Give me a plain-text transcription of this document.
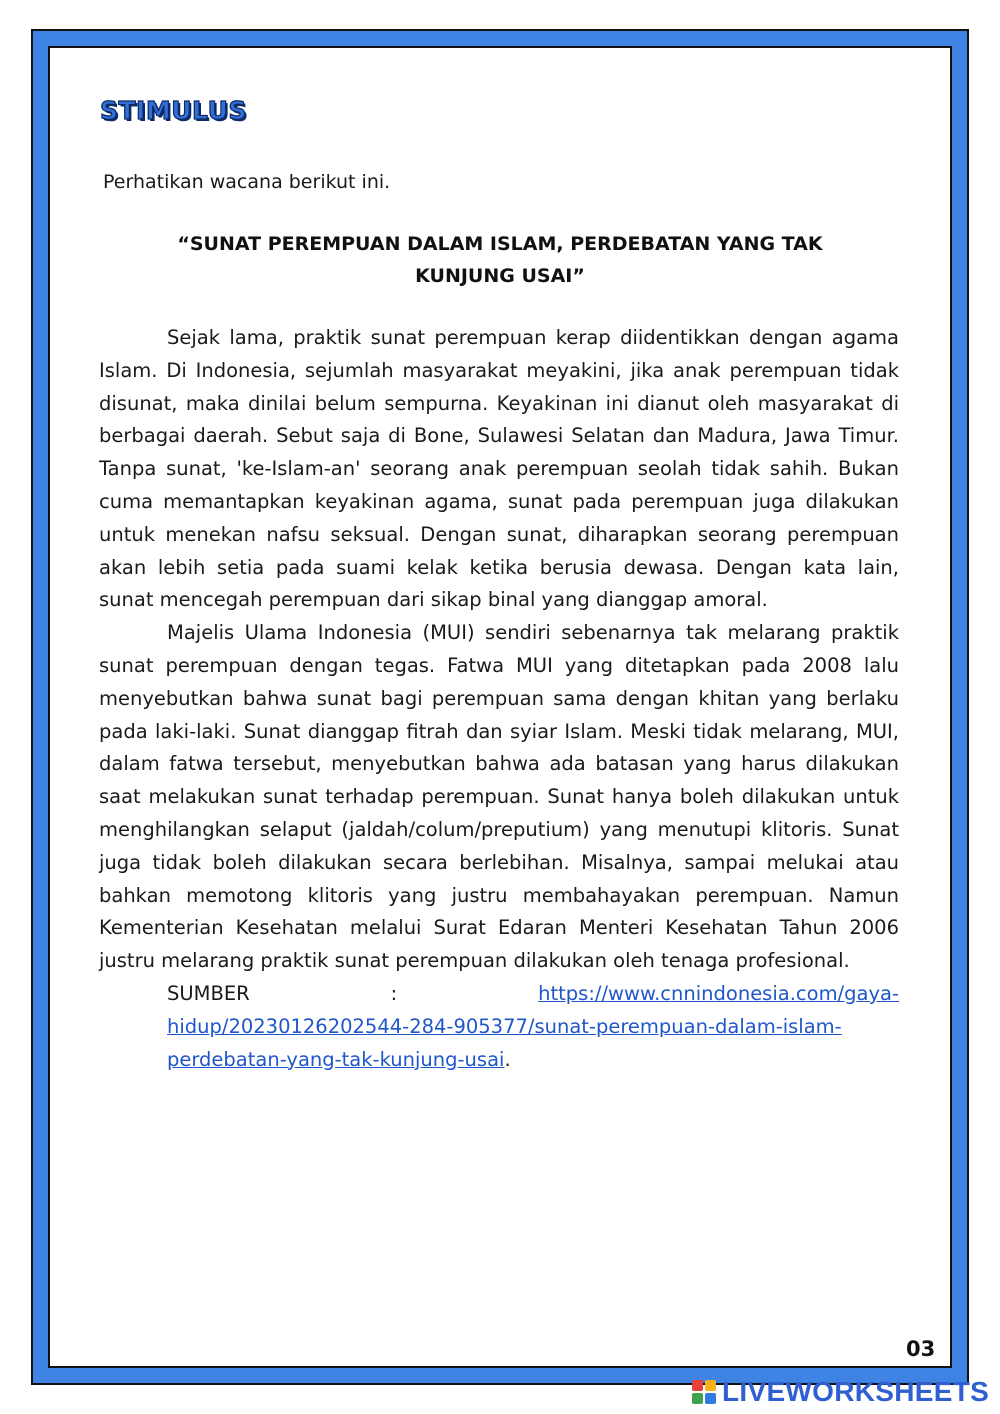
STIMULUS

Perhatikan wacana berikut ini.

“SUNAT PEREMPUAN DALAM ISLAM, PERDEBATAN YANG TAK
KUNJUNG USAI”

Sejak lama, praktik sunat perempuan kerap diidentikkan dengan agama Islam. Di Indonesia, sejumlah masyarakat meyakini, jika anak perempuan tidak disunat, maka dinilai belum sempurna. Keyakinan ini dianut oleh masyarakat di berbagai daerah. Sebut saja di Bone, Sulawesi Selatan dan Madura, Jawa Timur. Tanpa sunat, 'ke-Islam-an' seorang anak perempuan seolah tidak sahih. Bukan cuma memantapkan keyakinan agama, sunat pada perempuan juga dilakukan untuk menekan nafsu seksual. Dengan sunat, diharapkan seorang perempuan akan lebih setia pada suami kelak ketika berusia dewasa. Dengan kata lain, sunat mencegah perempuan dari sikap binal yang dianggap amoral.

Majelis Ulama Indonesia (MUI) sendiri sebenarnya tak melarang praktik sunat perempuan dengan tegas. Fatwa MUI yang ditetapkan pada 2008 lalu menyebutkan bahwa sunat bagi perempuan sama dengan khitan yang berlaku pada laki-laki. Sunat dianggap fitrah dan syiar Islam. Meski tidak melarang, MUI, dalam fatwa tersebut, menyebutkan bahwa ada batasan yang harus dilakukan saat melakukan sunat terhadap perempuan. Sunat hanya boleh dilakukan untuk menghilangkan selaput (jaldah/colum/preputium) yang menutupi klitoris. Sunat juga tidak boleh dilakukan secara berlebihan. Misalnya, sampai melukai atau bahkan memotong klitoris yang justru membahayakan perempuan. Namun Kementerian Kesehatan melalui Surat Edaran Menteri Kesehatan Tahun 2006 justru melarang praktik sunat perempuan dilakukan oleh tenaga profesional.

SUMBER	:	https://www.cnnindonesia.com/gaya-

hidup/20230126202544-284-905377/sunat-perempuan-dalam-islam-

perdebatan-yang-tak-kunjung-usai.

03
LIVEWORKSHEETS
